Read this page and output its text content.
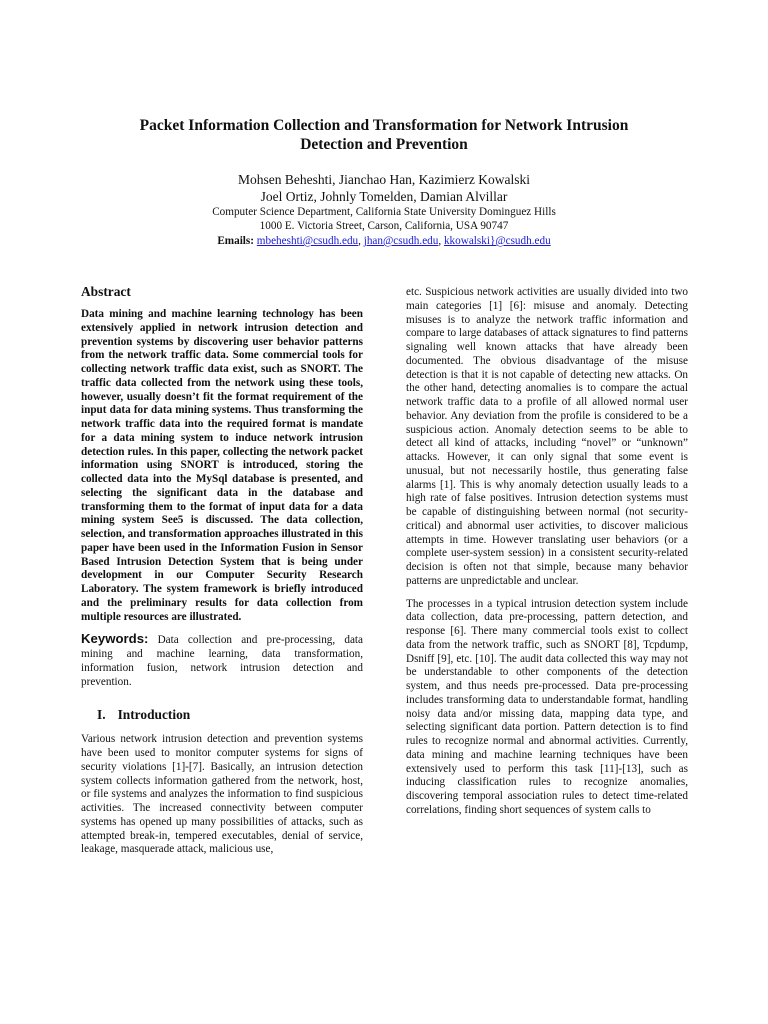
Packet Information Collection and Transformation for Network Intrusion
Detection and Prevention
Mohsen Beheshti, Jianchao Han, Kazimierz Kowalski
Joel Ortiz, Johnly Tomelden, Damian Alvillar
Computer Science Department, California State University Dominguez Hills
1000 E. Victoria Street, Carson, California, USA 90747
Emails: mbeheshti@csudh.edu, jhan@csudh.edu, kkowalski}@csudh.edu
Abstract

Data mining and machine learning technology has been extensively applied in network intrusion detection and prevention systems by discovering user behavior patterns from the network traffic data. Some commercial tools for collecting network traffic data exist, such as SNORT. The traffic data collected from the network using these tools, however, usually doesn’t fit the format requirement of the input data for data mining systems. Thus transforming the network traffic data into the required format is mandate for a data mining system to induce network intrusion detection rules. In this paper, collecting the network packet information using SNORT is introduced, storing the collected data into the MySql database is presented, and selecting the significant data in the database and transforming them to the format of input data for a data mining system See5 is discussed. The data collection, selection, and transformation approaches illustrated in this paper have been used in the Information Fusion in Sensor Based Intrusion Detection System that is being under development in our Computer Security Research Laboratory. The system framework is briefly introduced and the preliminary results for data collection from multiple resources are illustrated.

Keywords: Data collection and pre-processing, data mining and machine learning, data transformation, information fusion, network intrusion detection and prevention.

I. Introduction

Various network intrusion detection and prevention systems have been used to monitor computer systems for signs of security violations [1]-[7]. Basically, an intrusion detection system collects information gathered from the network, host, or file systems and analyzes the information to find suspicious activities. The increased connectivity between computer systems has opened up many possibilities of attacks, such as attempted break-in, tempered executables, denial of service, leakage, masquerade attack, malicious use,

etc. Suspicious network activities are usually divided into two main categories [1] [6]: misuse and anomaly. Detecting misuses is to analyze the network traffic information and compare to large databases of attack signatures to find patterns signaling well known attacks that have already been documented. The obvious disadvantage of the misuse detection is that it is not capable of detecting new attacks. On the other hand, detecting anomalies is to compare the actual network traffic data to a profile of all allowed normal user behavior. Any deviation from the profile is considered to be a suspicious action. Anomaly detection seems to be able to detect all kind of attacks, including “novel” or “unknown” attacks. However, it can only signal that some event is unusual, but not necessarily hostile, thus generating false alarms [1]. This is why anomaly detection usually leads to a high rate of false positives. Intrusion detection systems must be capable of distinguishing between normal (not security-critical) and abnormal user activities, to discover malicious attempts in time. However translating user behaviors (or a complete user-system session) in a consistent security-related decision is often not that simple, because many behavior patterns are unpredictable and unclear.

The processes in a typical intrusion detection system include data collection, data pre-processing, pattern detection, and response [6]. There many commercial tools exist to collect data from the network traffic, such as SNORT [8], Tcpdump, Dsniff [9], etc. [10]. The audit data collected this way may not be understandable to other components of the detection system, and thus needs pre-processed. Data pre-processing includes transforming data to understandable format, handling noisy data and/or missing data, mapping data type, and selecting significant data portion. Pattern detection is to find rules to recognize normal and abnormal activities. Currently, data mining and machine learning techniques have been extensively used to perform this task [11]-[13], such as inducing classification rules to recognize anomalies, discovering temporal association rules to detect time-related correlations, finding short sequences of system calls to
